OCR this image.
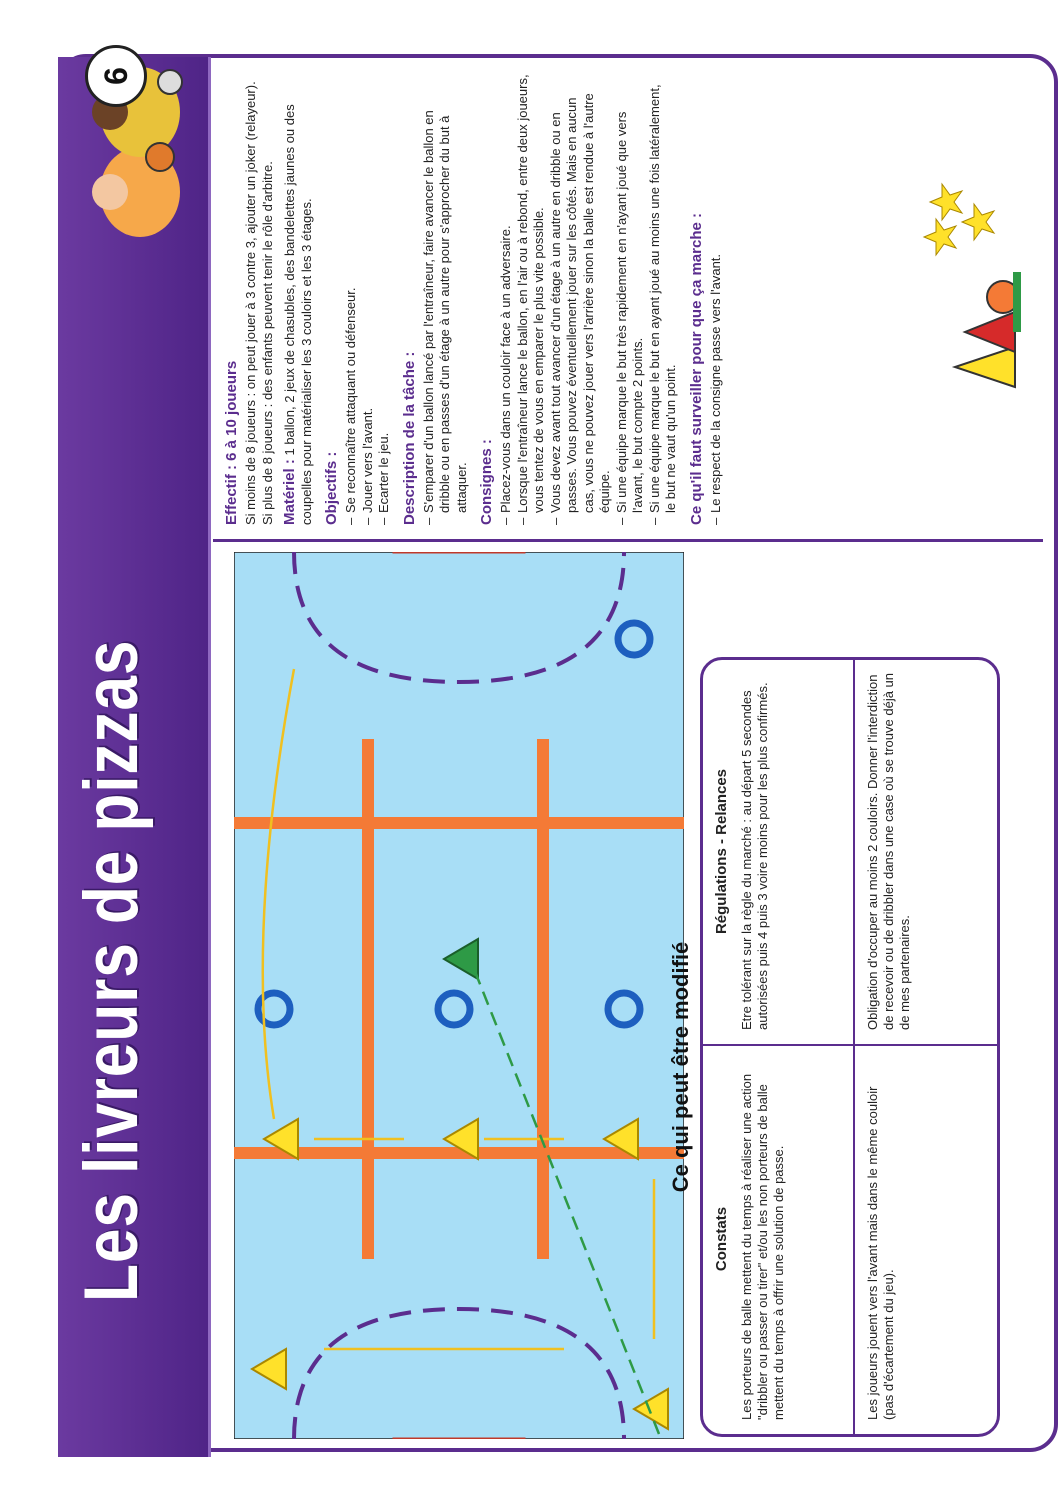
Les livreurs de pizzas
6
Effectif : 6 à 10 joueurs Si moins de 8 joueurs : on peut jouer à 3 contre 3, ajouter un joker (relayeur). Si plus de 8 joueurs : des enfants peuvent tenir le rôle d'arbitre. Matériel : 1 ballon, 2 jeux de chasubles, des bandelettes jaunes ou des coupelles pour matérialiser les 3 couloirs et les 3 étages. Objectifs : – Se reconnaître attaquant ou défenseur. – Jouer vers l'avant. – Ecarter le jeu. Description de la tâche : – S'emparer d'un ballon lancé par l'entraîneur, faire avancer le ballon en dribble ou en passes d'un étage à un autre pour s'approcher du but à attaquer. Consignes : – Placez-vous dans un couloir face à un adversaire. – Lorsque l'entraîneur lance le ballon, en l'air ou à rebond, entre deux joueurs, vous tentez de vous en emparer le plus vite possible. – Vous devez avant tout avancer d'un étage à un autre en dribble ou en passes. Vous pouvez éventuellement jouer sur les côtés. Mais en aucun cas, vous ne pouvez jouer vers l'arrière sinon la balle est rendue à l'autre équipe. – Si une équipe marque le but très rapidement en n'ayant joué que vers l'avant, le but compte 2 points. – Si une équipe marque le but en ayant joué au moins une fois latéralement, le but ne vaut qu'un point. Ce qu'il faut surveiller pour que ça marche : – Le respect de la consigne passe vers l'avant.
Ce qui peut être modifié
Constats
Régulations - Relances
Les porteurs de balle mettent du temps à réaliser une action "dribbler ou passer ou tirer" et/ou les non porteurs de balle mettent du temps à offrir une solution de passe.
Etre tolérant sur la règle du marché : au départ 5 secondes autorisées puis 4 puis 3 voire moins pour les plus confirmés.
Les joueurs jouent vers l'avant mais dans le même couloir (pas d'écartement du jeu).
Obligation d'occuper au moins 2 couloirs. Donner l'interdiction de recevoir ou de dribbler dans une case où se trouve déjà un de mes partenaires.
6 à 10
